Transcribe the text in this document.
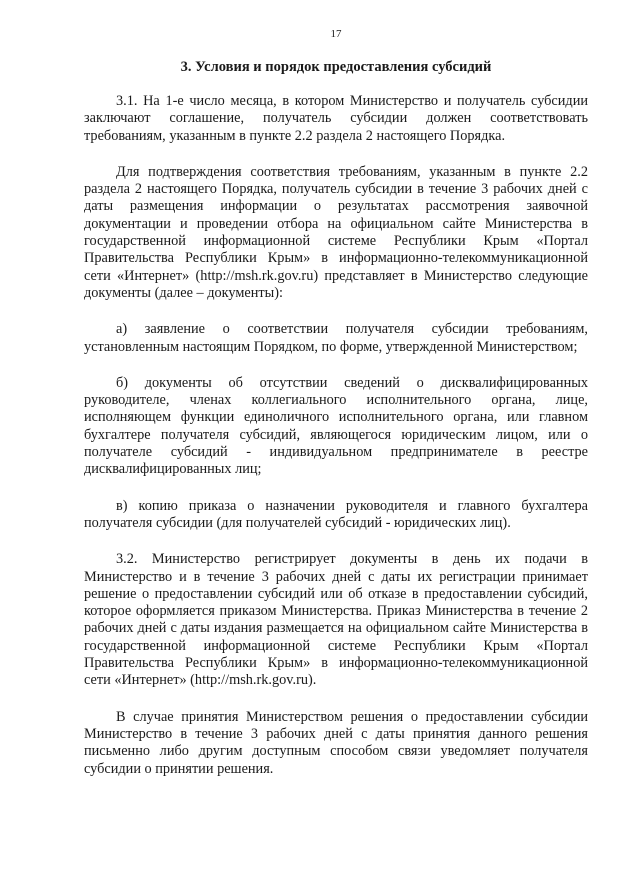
17
3. Условия и порядок предоставления субсидий

3.1. На 1-е число месяца, в котором Министерство и получатель субсидии заключают соглашение, получатель субсидии должен соответствовать требованиям, указанным в пункте 2.2 раздела 2 настоящего Порядка.

Для подтверждения соответствия требованиям, указанным в пункте 2.2 раздела 2 настоящего Порядка, получатель субсидии в течение 3 рабочих дней с даты размещения информации о результатах рассмотрения заявочной документации и проведении отбора на официальном сайте Министерства в государственной информационной системе Республики Крым «Портал Правительства Республики Крым» в информационно-телекоммуникационной сети «Интернет» (http://msh.rk.gov.ru) представляет в Министерство следующие документы (далее – документы):

а) заявление о соответствии получателя субсидии требованиям, установленным настоящим Порядком, по форме, утвержденной Министерством;

б) документы об отсутствии сведений о дисквалифицированных руководителе, членах коллегиального исполнительного органа, лице, исполняющем функции единоличного исполнительного органа, или главном бухгалтере получателя субсидий, являющегося юридическим лицом, или о получателе субсидий - индивидуальном предпринимателе в реестре дисквалифицированных лиц;

в) копию приказа о назначении руководителя и главного бухгалтера получателя субсидии (для получателей субсидий - юридических лиц).

3.2. Министерство регистрирует документы в день их подачи в Министерство и в течение 3 рабочих дней с даты их регистрации принимает решение о предоставлении субсидий или об отказе в предоставлении субсидий, которое оформляется приказом Министерства. Приказ Министерства в течение 2 рабочих дней с даты издания размещается на официальном сайте Министерства в государственной информационной системе Республики Крым «Портал Правительства Республики Крым» в информационно-телекоммуникационной сети «Интернет» (http://msh.rk.gov.ru).

В случае принятия Министерством решения о предоставлении субсидии Министерство в течение 3 рабочих дней с даты принятия данного решения письменно либо другим доступным способом связи уведомляет получателя субсидии о принятии решения.
